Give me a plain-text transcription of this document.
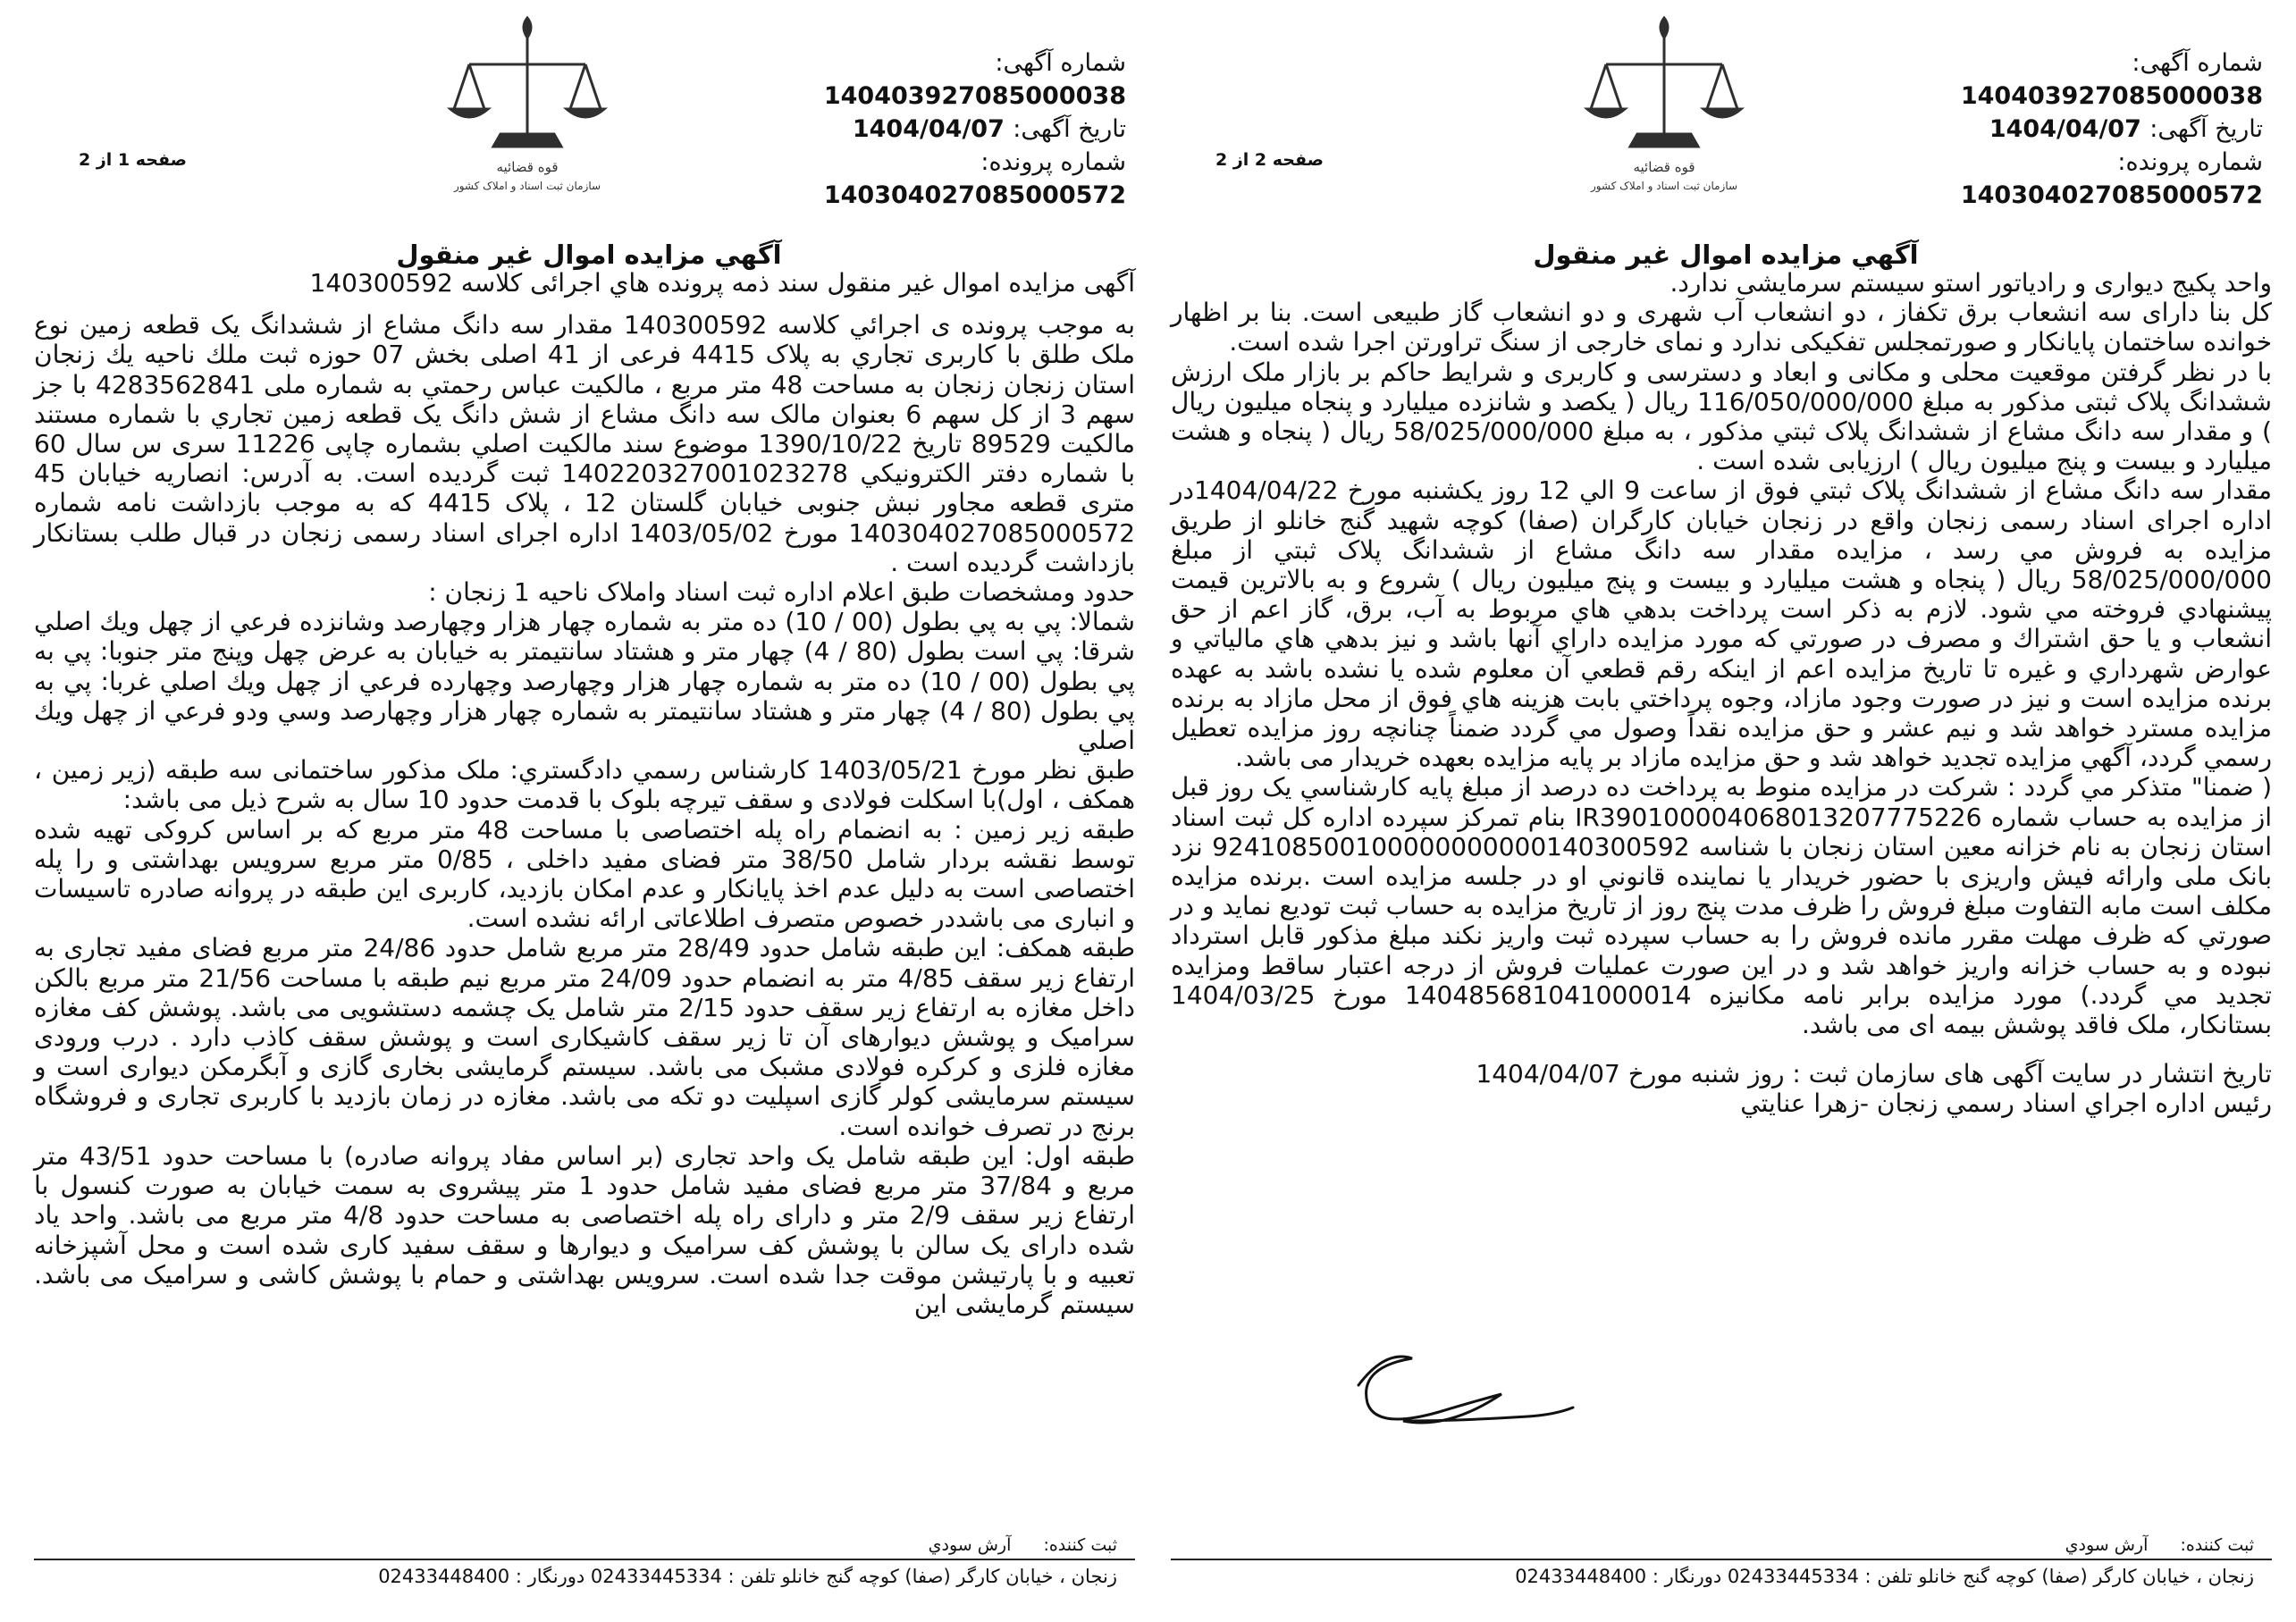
شماره آگهی: 140403927085000038
تاریخ آگهی: 1404/04/07
شماره پرونده: 140304027085000572
قوه قضائیه
سازمان ثبت اسناد و املاک کشور
صفحه 2 از 2
آگهي مزايده اموال غير منقول

واحد پکیج دیواری و رادیاتور استو سیستم سرمایشی ندارد.

کل بنا دارای سه انشعاب برق تکفاز ، دو انشعاب آب شهری و دو انشعاب گاز طبیعی است. بنا بر اظهار خوانده ساختمان پایانکار و صورتمجلس تفکیکی ندارد و نمای خارجی از سنگ تراورتن اجرا شده است.

با در نظر گرفتن موقعیت محلی و مکانی و ابعاد و دسترسی و کاربری و شرایط حاکم بر بازار ملک ارزش ششدانگ پلاک ثبتی مذکور به مبلغ 116/050/000/000 ریال ( یکصد و شانزده میلیارد و پنجاه میلیون ریال ) و مقدار سه دانگ مشاع از ششدانگ پلاک ثبتي مذکور ، به مبلغ 58/025/000/000 ریال ( پنجاه و هشت میلیارد و بیست و پنج میلیون ریال ) ارزیابی شده است .

مقدار سه دانگ مشاع از ششدانگ پلاک ثبتي فوق از ساعت 9 الي 12 روز یکشنبه مورخ 1404/04/22در اداره اجرای اسناد رسمی زنجان واقع در زنجان خیابان کارگران (صفا) کوچه شهید گنج خانلو از طریق مزایده به فروش مي رسد ، مزايده مقدار سه دانگ مشاع از ششدانگ پلاک ثبتي از مبلغ 58/025/000/000 ریال ( پنجاه و هشت میلیارد و بیست و پنج میلیون ریال ) شروع و به بالاترين قيمت پيشنهادي فروخته مي شود. لازم به ذکر است پرداخت بدهي هاي مربوط به آب، برق، گاز اعم از حق انشعاب و يا حق اشتراك و مصرف در صورتي كه مورد مزايده داراي آنها باشد و نيز بدهي هاي مالياتي و عوارض شهرداري و غيره تا تاريخ مزايده اعم از اينكه رقم قطعي آن معلوم شده يا نشده باشد به عهده برنده مزايده است و نيز در صورت وجود مازاد، وجوه پرداختي بابت هزينه هاي فوق از محل مازاد به برنده مزايده مسترد خواهد شد و نيم عشر و حق مزايده نقداً وصول مي گردد ضمناً چنانچه روز مزايده تعطيل رسمي گردد، آگهي مزايده تجديد خواهد شد و حق مزايده مازاد بر پايه مزايده بعهده خريدار می باشد.

( ضمنا" متذکر مي گردد : شرکت در مزايده منوط به پرداخت ده درصد از مبلغ پايه کارشناسي يک روز قبل از مزايده به حساب شماره IR390100004068013207775226 بنام تمرکز سپرده اداره کل ثبت اسناد استان زنجان به نام خزانه معين استان زنجان با شناسه 924108500100000000000140300592 نزد بانک ملی وارائه فیش واریزی با حضور خريدار يا نماينده قانوني او در جلسه مزايده است .برنده مزايده مکلف است مابه التفاوت مبلغ فروش را ظرف مدت پنج روز از تاريخ مزايده به حساب ثبت توديع نمايد و در صورتي که ظرف مهلت مقرر مانده فروش را به حساب سپرده ثبت واريز نکند مبلغ مذکور قابل استرداد نبوده و به حساب خزانه واريز خواهد شد و در اين صورت عمليات فروش از درجه اعتبار ساقط ومزايده تجديد مي گردد.) مورد مزايده برابر نامه مکانيزه 140485681041000014 مورخ 1404/03/25 بستانکار، ملک فاقد پوشش بیمه ای می باشد.

تاریخ انتشار در سایت آگهی های سازمان ثبت : روز شنبه مورخ 1404/04/07

رئيس اداره اجراي اسناد رسمي زنجان -زهرا عنايتي

ثبت کننده: آرش سودي
زنجان ، خیابان کارگر (صفا) کوچه گنج خانلو تلفن : 02433445334 دورنگار : 02433448400
شماره آگهی: 140403927085000038
تاریخ آگهی: 1404/04/07
شماره پرونده: 140304027085000572
قوه قضائیه
سازمان ثبت اسناد و املاک کشور
صفحه 1 از 2
آگهي مزايده اموال غير منقول

آگهی مزایده اموال غیر منقول سند ذمه پرونده هاي اجرائی کلاسه 140300592

به موجب پرونده ی اجرائي کلاسه 140300592 مقدار سه دانگ مشاع از ششدانگ یک قطعه زمین نوع ملک طلق با کاربری تجاري به پلاک 4415 فرعی از 41 اصلی بخش 07 حوزه ثبت ملك ناحيه يك زنجان استان زنجان زنجان به مساحت 48 متر مربع ، مالکیت عباس رحمتي به شماره ملی 4283562841 با جز سهم 3 از کل سهم 6 بعنوان مالک سه دانگ مشاع از شش دانگ یک قطعه زمین تجاري با شماره مستند مالکیت 89529 تاریخ 1390/10/22 موضوع سند مالکیت اصلي بشماره چاپی 11226 سری س سال 60 با شماره دفتر الكترونيكي 140220327001023278 ثبت گردیده است. به آدرس: انصاریه خیابان 45 متری قطعه مجاور نبش جنوبی خیابان گلستان 12 ، پلاک 4415 که به موجب بازداشت نامه شماره 140304027085000572 مورخ 1403/05/02 اداره اجرای اسناد رسمی زنجان در قبال طلب بستانکار بازداشت گرديده است .

حدود ومشخصات طبق اعلام اداره ثبت اسناد واملاک ناحيه 1 زنجان :

شمالا: پي به پي بطول (00 / 10) ده متر به شماره چهار هزار وچهارصد وشانزده فرعي از چهل ويك اصلي شرقا: پي است بطول (80 / 4) چهار متر و هشتاد سانتيمتر به خيابان به عرض چهل وپنج متر جنوبا: پي به پي بطول (00 / 10) ده متر به شماره چهار هزار وچهارصد وچهارده فرعي از چهل ويك اصلي غربا: پي به پي بطول (80 / 4) چهار متر و هشتاد سانتيمتر به شماره چهار هزار وچهارصد وسي ودو فرعي از چهل ويك اصلي

طبق نظر مورخ 1403/05/21 کارشناس رسمي دادگستري: ملک مذکور ساختمانی سه طبقه (زیر زمین ، همکف ، اول)با اسکلت فولادی و سقف تیرچه بلوک با قدمت حدود 10 سال به شرح ذیل می باشد:

طبقه زیر زمین : به انضمام راه پله اختصاصی با مساحت 48 متر مربع که بر اساس کروکی تهیه شده توسط نقشه بردار شامل 38/50 متر فضای مفید داخلی ، 0/85 متر مربع سرویس بهداشتی و را پله اختصاصی است به دلیل عدم اخذ پایانکار و عدم امکان بازدید، کاربری این طبقه در پروانه صادره تاسیسات و انباری می باشددر خصوص متصرف اطلاعاتی ارائه نشده است.

طبقه همکف: این طبقه شامل حدود 28/49 متر مربع شامل حدود 24/86 متر مربع فضای مفید تجاری به ارتفاع زیر سقف 4/85 متر به انضمام حدود 24/09 متر مربع نیم طبقه با مساحت 21/56 متر مربع بالکن داخل مغازه به ارتفاع زیر سقف حدود 2/15 متر شامل یک چشمه دستشویی می باشد. پوشش کف مغازه سرامیک و پوشش دیوارهای آن تا زیر سقف کاشیکاری است و پوشش سقف کاذب دارد . درب ورودی مغازه فلزی و کرکره فولادی مشبک می باشد. سیستم گرمایشی بخاری گازی و آبگرمکن دیواری است و سیستم سرمایشی کولر گازی اسپلیت دو تکه می باشد. مغازه در زمان بازدید با کاربری تجاری و فروشگاه برنج در تصرف خوانده است.

طبقه اول: این طبقه شامل یک واحد تجاری (بر اساس مفاد پروانه صادره) با مساحت حدود 43/51 متر مربع و 37/84 متر مربع فضای مفید شامل حدود 1 متر پیشروی به سمت خیابان به صورت کنسول با ارتفاع زیر سقف 2/9 متر و دارای راه پله اختصاصی به مساحت حدود 4/8 متر مربع می باشد. واحد یاد شده دارای یک سالن با پوشش کف سرامیک و دیوارها و سقف سفید کاری شده است و محل آشپزخانه تعبیه و با پارتیشن موقت جدا شده است. سرویس بهداشتی و حمام با پوشش کاشی و سرامیک می باشد. سیستم گرمایشی این

ثبت کننده: آرش سودي
زنجان ، خیابان کارگر (صفا) کوچه گنج خانلو تلفن : 02433445334 دورنگار : 02433448400
